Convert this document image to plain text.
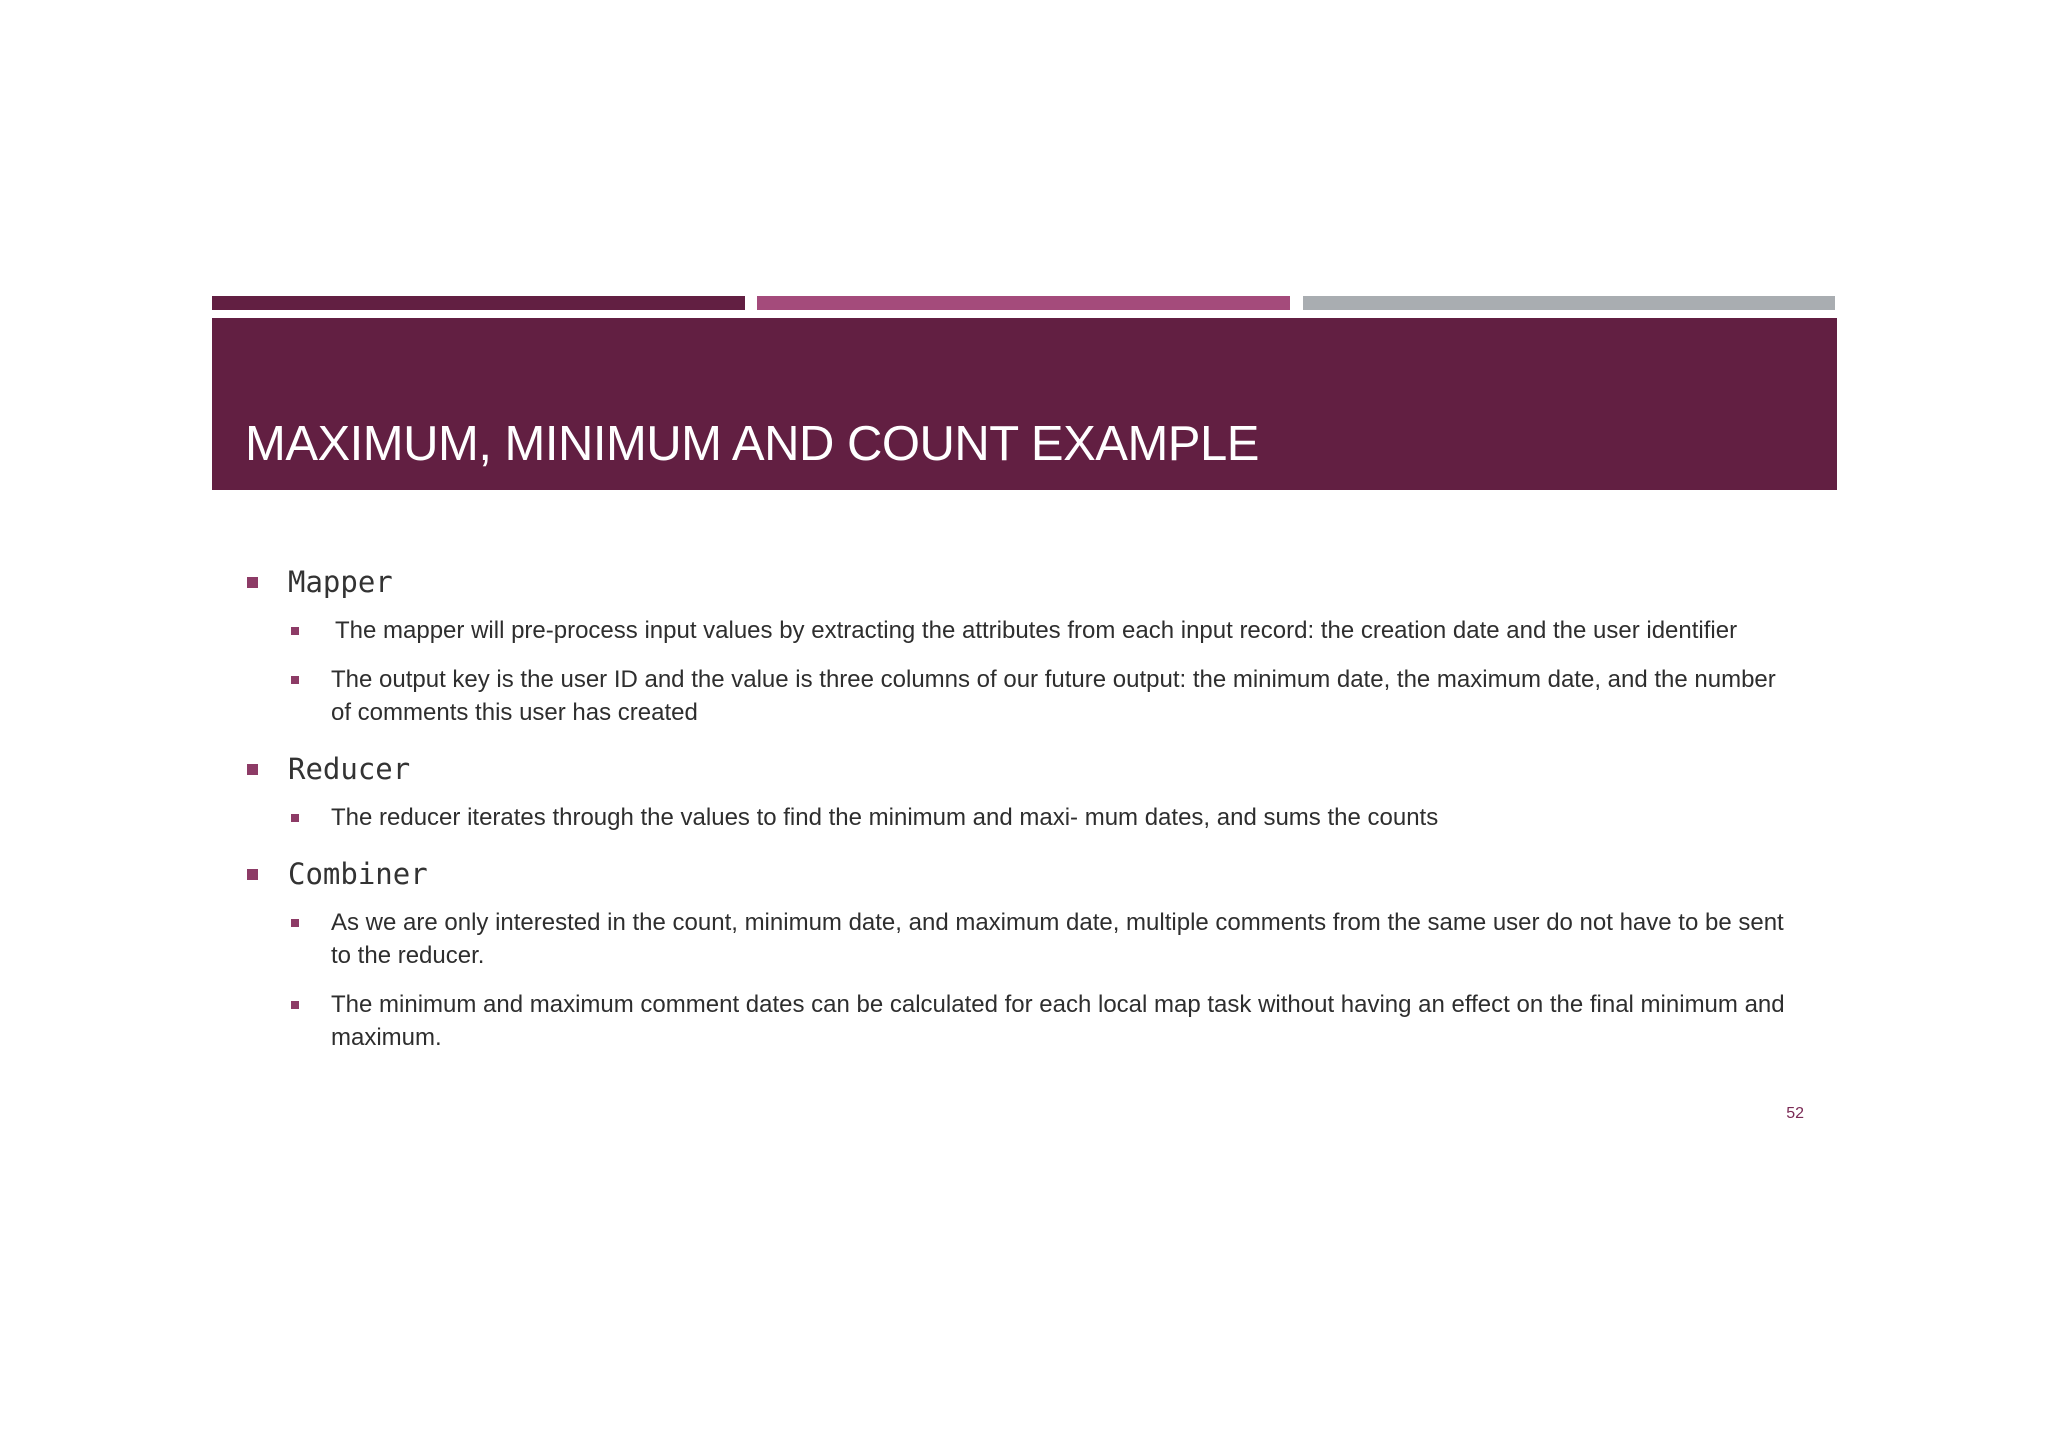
MAXIMUM, MINIMUM AND COUNT EXAMPLE
Mapper
The mapper will pre-process input values by extracting the attributes from each input record: the creation date and the user identifier
The output key is the user ID and the value is three columns of our future output: the minimum date, the maximum date, and the number of comments this user has created
Reducer
The reducer iterates through the values to find the minimum and maxi- mum dates, and sums the counts
Combiner
As we are only interested in the count, minimum date, and maximum date, multiple comments from the same user do not have to be sent to the reducer.
The minimum and maximum comment dates can be calculated for each local map task without having an effect on the final minimum and maximum.
52
